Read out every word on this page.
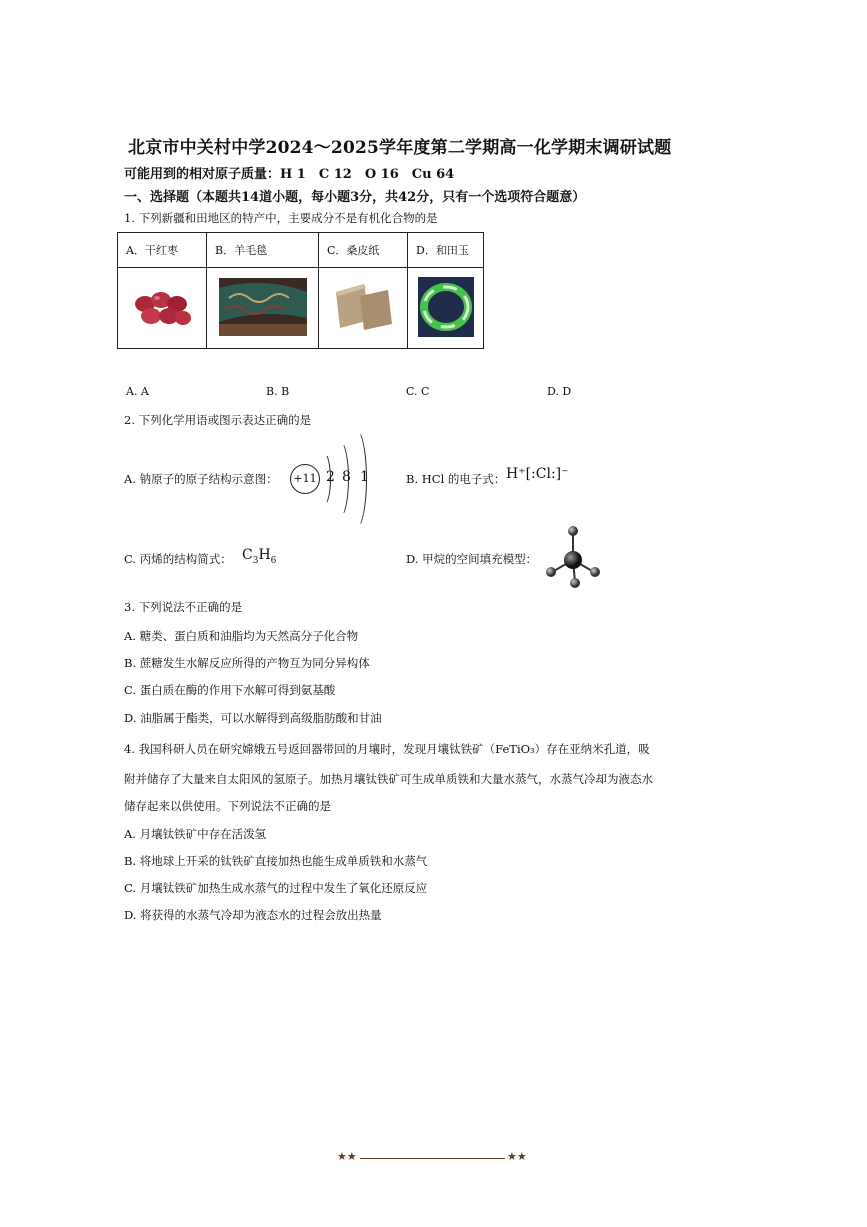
北京市中关村中学2024～2025学年度第二学期高一化学期末调研试题
可能用到的相对原子质量：H 1　C 12　O 16　Cu 64
一、选择题（本题共14道小题，每小题3分，共42分，只有一个选项符合题意）
1. 下列新疆和田地区的特产中，主要成分不是有机化合物的是
A．干红枣	B．羊毛毯	C．桑皮纸	D．和田玉

A. A	B. B	C. C	D. D
2. 下列化学用语或图示表达正确的是
A. 钠原子的原子结构示意图：	+11 2 8 1	B. HCl 的电子式： H⁺[:Cl:]⁻
C. 丙烯的结构简式： $C_3H_6$	D. 甲烷的空间填充模型：
3. 下列说法不正确的是
A. 糖类、蛋白质和油脂均为天然高分子化合物
B. 蔗糖发生水解反应所得的产物互为同分异构体
C. 蛋白质在酶的作用下水解可得到氨基酸
D. 油脂属于酯类，可以水解得到高级脂肪酸和甘油
4. 我国科研人员在研究嫦娥五号返回器带回的月壤时，发现月壤钛铁矿（FeTiO₃）存在亚纳米孔道，吸
附并储存了大量来自太阳风的氢原子。加热月壤钛铁矿可生成单质铁和大量水蒸气，水蒸气冷却为液态水
储存起来以供使用。下列说法不正确的是
A. 月壤钛铁矿中存在活泼氢
B. 将地球上开采的钛铁矿直接加热也能生成单质铁和水蒸气
C. 月壤钛铁矿加热生成水蒸气的过程中发生了氧化还原反应
D. 将获得的水蒸气冷却为液态水的过程会放出热量
★★	★★
